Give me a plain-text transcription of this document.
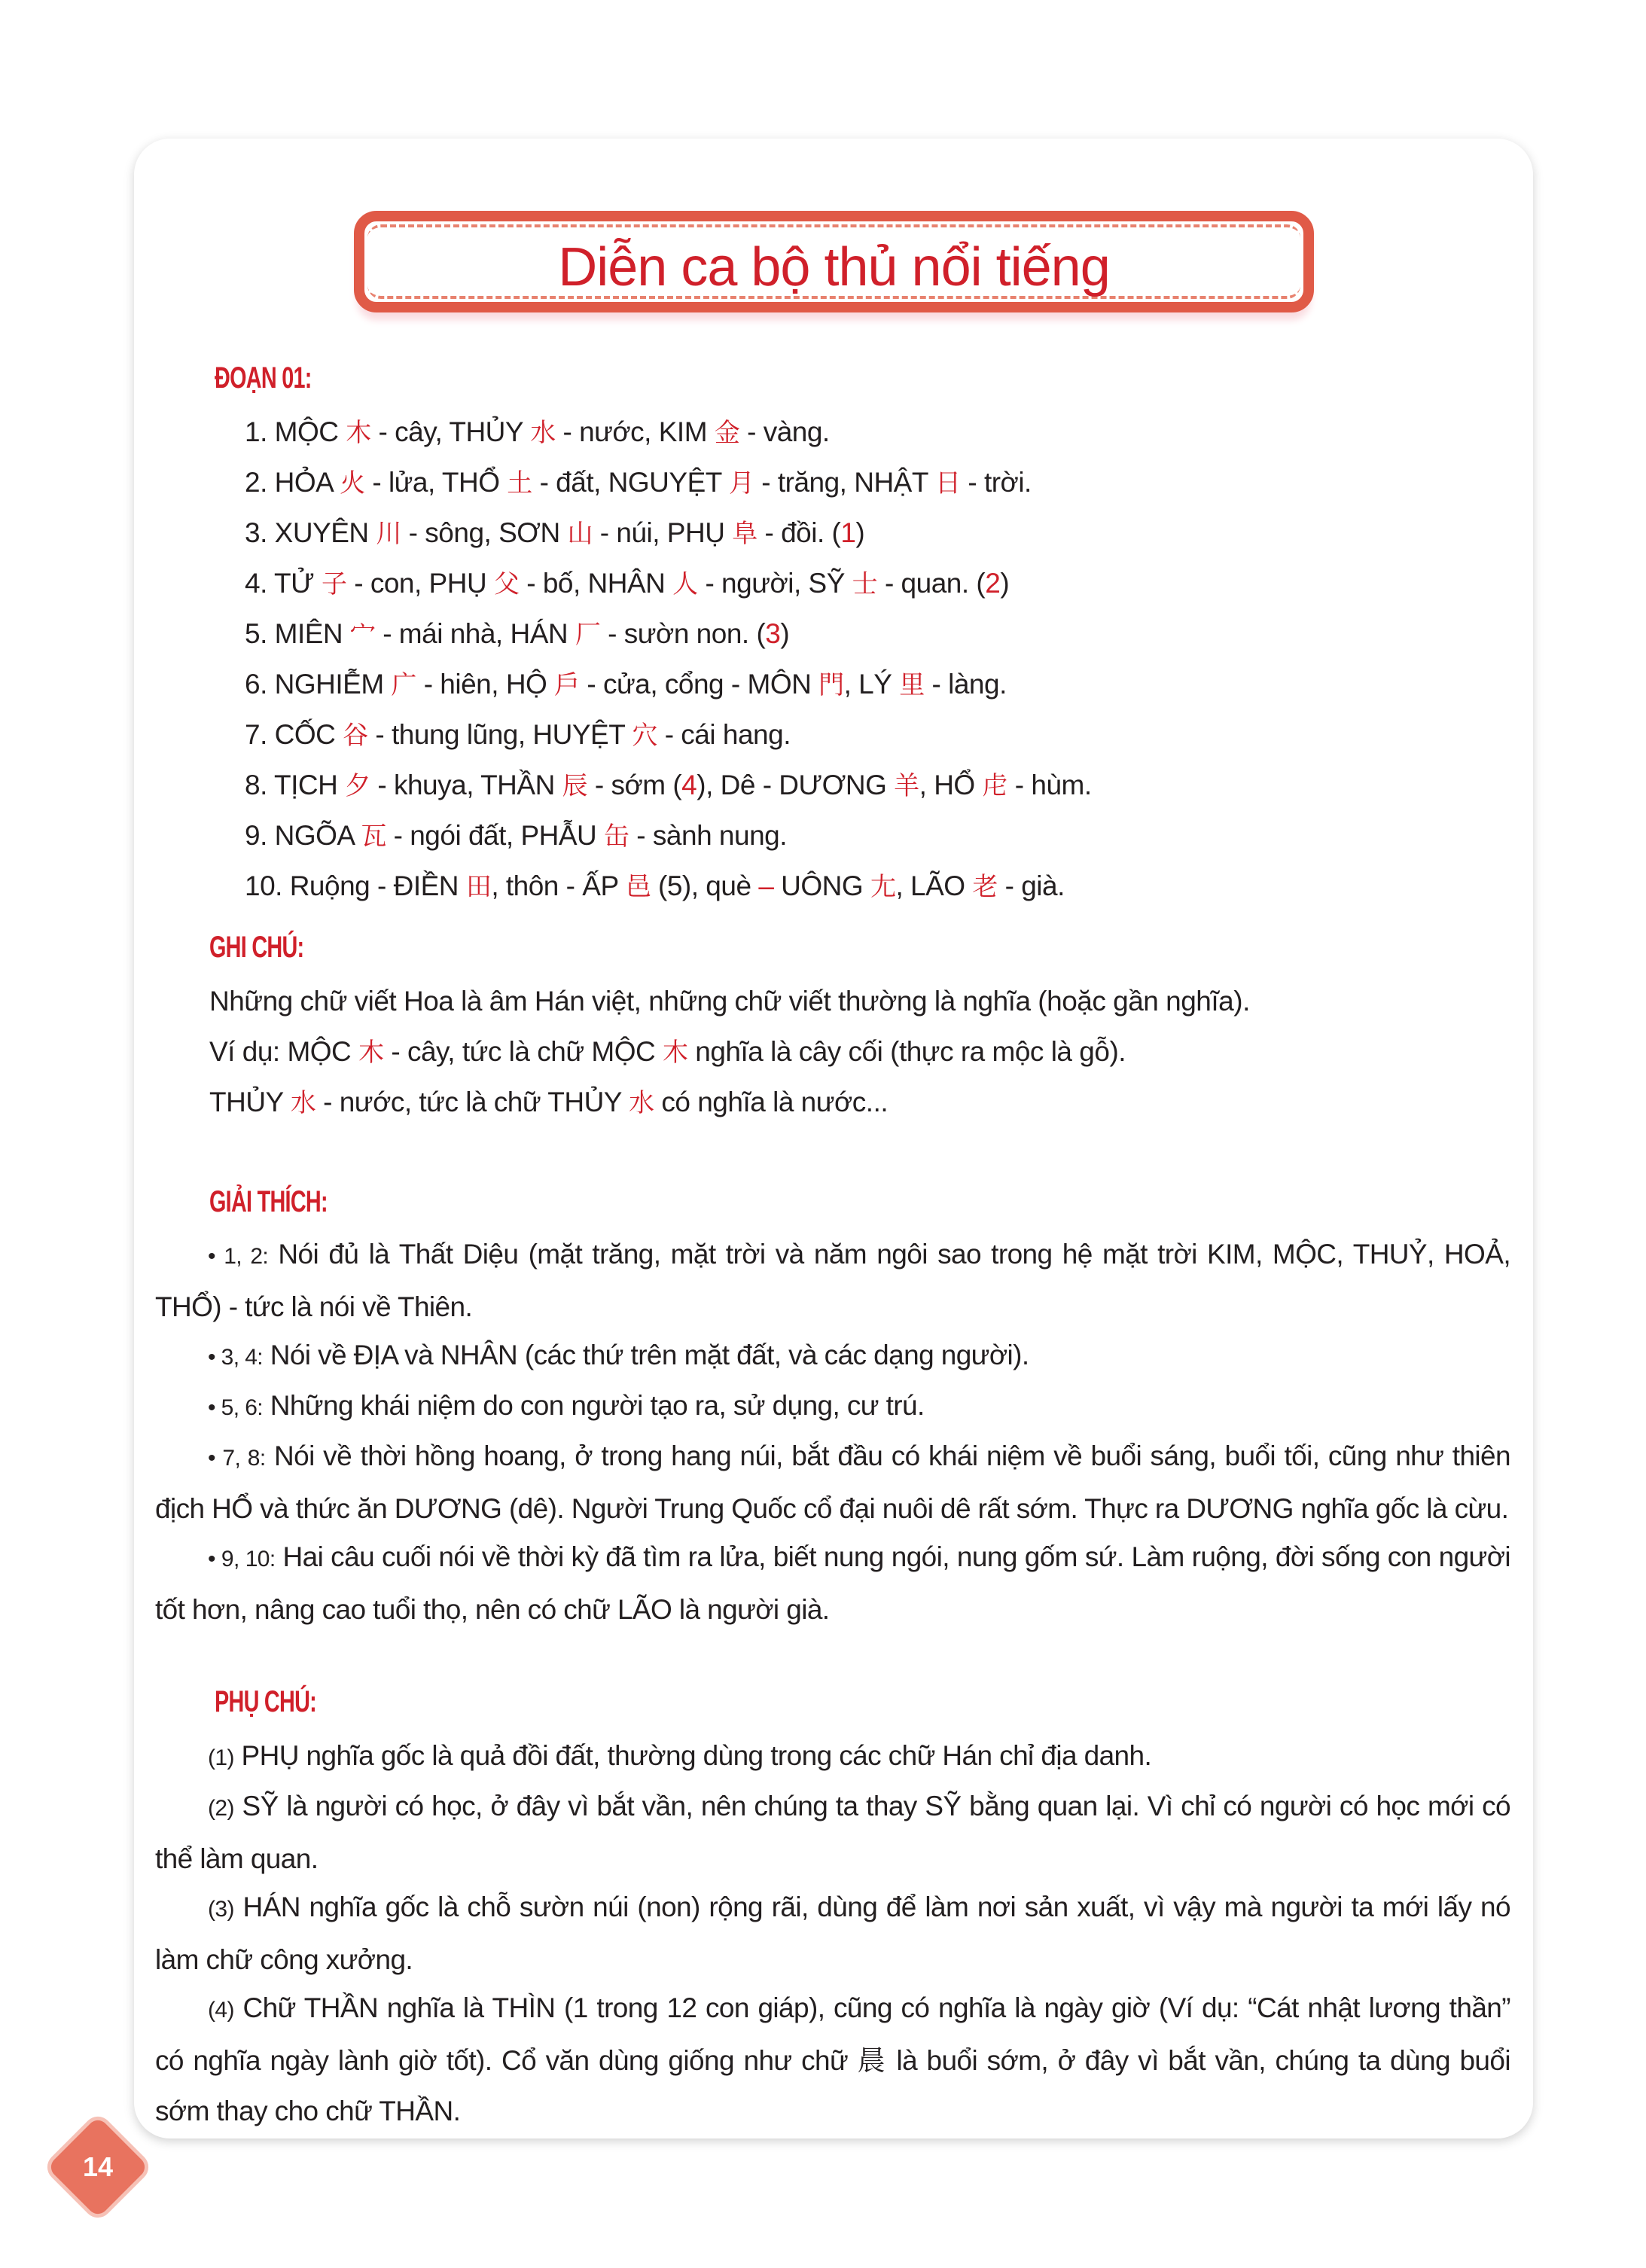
Diễn ca bộ thủ nổi tiếng
ĐOẠN 01:
1. MỘC 木 - cây, THỦY 水 - nước, KIM 金 - vàng.
2. HỎA 火 - lửa, THỔ 土 - đất, NGUYỆT 月 - trăng, NHẬT 日 - trời.
3. XUYÊN 川 - sông, SƠN 山 - núi, PHỤ 阜 - đồi. (1)
4. TỬ 子 - con, PHỤ 父 - bố, NHÂN 人 - người, SỸ 士 - quan. (2)
5. MIÊN 宀 - mái nhà, HÁN 厂 - sườn non. (3)
6. NGHIỄM 广 - hiên, HỘ 戶 - cửa, cổng - MÔN 門, LÝ 里 - làng.
7. CỐC 谷 - thung lũng, HUYỆT 穴 - cái hang.
8. TỊCH 夕 - khuya, THẦN 辰 - sớm (4), Dê - DƯƠNG 羊, HỔ 虍 - hùm.
9. NGÕA 瓦 - ngói đất, PHẪU 缶 - sành nung.
10. Ruộng - ĐIỀN 田, thôn - ẤP 邑 (5), què – UÔNG 尢, LÃO 老 - già.
GHI CHÚ:
Những chữ viết Hoa là âm Hán việt, những chữ viết thường là nghĩa (hoặc gần nghĩa).
Ví dụ: MỘC 木 - cây, tức là chữ MỘC 木 nghĩa là cây cối (thực ra mộc là gỗ).
THỦY 水 - nước, tức là chữ THỦY 水 có nghĩa là nước...
GIẢI THÍCH:
• 1, 2: Nói đủ là Thất Diệu (mặt trăng, mặt trời và năm ngôi sao trong hệ mặt trời KIM, MỘC, THUỶ, HOẢ, THỔ) - tức là nói về Thiên.
• 3, 4: Nói về ĐỊA và NHÂN (các thứ trên mặt đất, và các dạng người).
• 5, 6: Những khái niệm do con người tạo ra, sử dụng, cư trú.
• 7, 8: Nói về thời hồng hoang, ở trong hang núi, bắt đầu có khái niệm về buổi sáng, buổi tối, cũng như thiên địch HỔ và thức ăn DƯƠNG (dê). Người Trung Quốc cổ đại nuôi dê rất sớm. Thực ra DƯƠNG nghĩa gốc là cừu.
• 9, 10: Hai câu cuối nói về thời kỳ đã tìm ra lửa, biết nung ngói, nung gốm sứ. Làm ruộng, đời sống con người tốt hơn, nâng cao tuổi thọ, nên có chữ LÃO là người già.
PHỤ CHÚ:
(1) PHỤ nghĩa gốc là quả đồi đất, thường dùng trong các chữ Hán chỉ địa danh.
(2) SỸ là người có học, ở đây vì bắt vần, nên chúng ta thay SỸ bằng quan lại. Vì chỉ có người có học mới có thể làm quan.
(3) HÁN nghĩa gốc là chỗ sườn núi (non) rộng rãi, dùng để làm nơi sản xuất, vì vậy mà người ta mới lấy nó làm chữ công xưởng.
(4) Chữ THẦN nghĩa là THÌN (1 trong 12 con giáp), cũng có nghĩa là ngày giờ (Ví dụ: “Cát nhật lương thần” có nghĩa ngày lành giờ tốt). Cổ văn dùng giống như chữ 晨 là buổi sớm, ở đây vì bắt vần, chúng ta dùng buổi sớm thay cho chữ THẦN.
14
